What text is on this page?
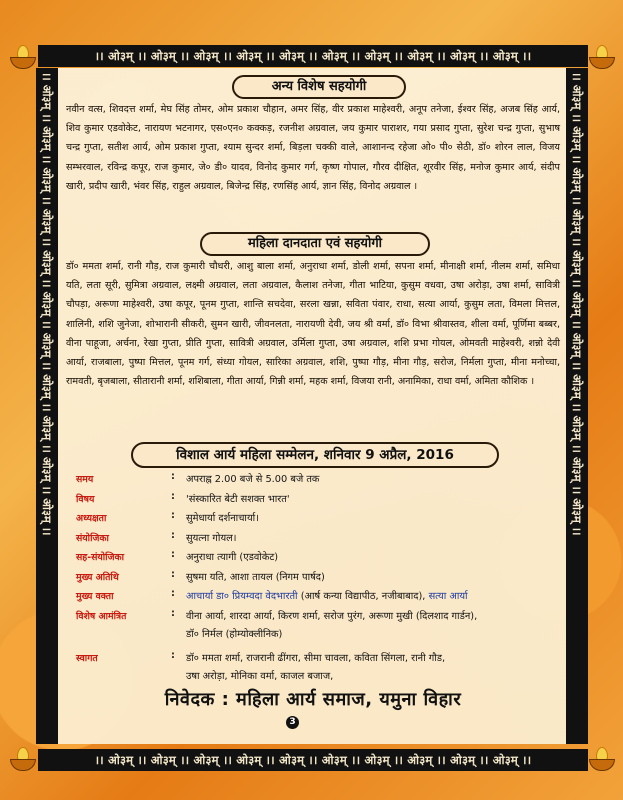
।। ओ३म् ।। ओ३म् ।। ओ३म् ।। ओ३म् ।। ओ३म् ।। ओ३म् ।। ओ३म् ।। ओ३म् ।। ओ३म् ।। ओ३म् ।।
।। ओ३म् ।। ओ३म् ।। ओ३म् ।। ओ३म् ।। ओ३म् ।। ओ३म् ।। ओ३म् ।। ओ३म् ।। ओ३म् ।। ओ३म् ।।
।। ओ३म् ।। ओ३म् ।। ओ३म् ।। ओ३म् ।। ओ३म् ।। ओ३म् ।। ओ३म् ।। ओ३म् ।। ओ३म् ।। ओ३म् ।। ओ३म् ।।	।। ओ३म् ।। ओ३म् ।। ओ३म् ।। ओ३म् ।। ओ३म् ।। ओ३म् ।। ओ३म् ।। ओ३म् ।। ओ३म् ।। ओ३म् ।। ओ३म् ।।
अन्य विशेष सहयोगी
नवीन वत्स, शिवदत्त शर्मा, मेघ सिंह तोमर, ओम प्रकाश चौहान, अमर सिंह, वीर प्रकाश माहेश्वरी, अनूप तनेजा, ईश्वर सिंह, अजब सिंह आर्य, शिव कुमार एडवोकेट, नारायण भटनागर, एस०एन० कक्कड़, रजनीश अग्रवाल, जय कुमार पाराशर, गया प्रसाद गुप्ता, सुरेश चन्द्र गुप्ता, सुभाष चन्द्र गुप्ता, सतीश आर्य, ओम प्रकाश गुप्ता, श्याम सुन्दर शर्मा, बिड़ला चक्की वाले, आशानन्द रहेजा ओ० पी० सेठी, डॉ० शोरन लाल, विजय सम्भरवाल, रविन्द्र कपूर, राज कुमार, जे० डी० यादव, विनोद कुमार गर्ग, कृष्ण गोपाल, गौरव दीक्षित, शूरवीर सिंह, मनोज कुमार आर्य, संदीप खारी, प्रदीप खारी, भंवर सिंह, राहुल अग्रवाल, बिजेन्द्र सिंह, रणसिंह आर्य, ज्ञान सिंह, विनोद अग्रवाल ।
महिला दानदाता एवं सहयोगी
डॉ० ममता शर्मा, रानी गौड़, राज कुमारी चौधरी, आशु बाला शर्मा, अनुराधा शर्मा, डोली शर्मा, सपना शर्मा, मीनाक्षी शर्मा, नीलम शर्मा, समिधा यति, लता सूरी, सुमित्रा अग्रवाल, लक्ष्मी अग्रवाल, लता अग्रवाल, कैलाश तनेजा, गीता भाटिया, कुसुम वधवा, उषा अरोड़ा, उषा शर्मा, सावित्री चौपड़ा, अरूणा माहेश्वरी, उषा कपूर, पूनम गुप्ता, शान्ति सचदेवा, सरला खन्ना, सविता पंवार, राधा, सत्या आर्या, कुसुम लता, विमला मित्तल, शालिनी, शशि जुनेजा, शोभारानी सीकरी, सुमन खारी, जीवनलता, नारायणी देवी, जय श्री वर्मा, डॉ० विभा श्रीवास्तव, शीला वर्मा, पूर्णिमा बब्बर, वीना पाहूजा, अर्चना, रेखा गुप्ता, प्रीति गुप्ता, सावित्री अग्रवाल, उर्मिला गुप्ता, उषा अग्रवाल, शशि प्रभा गोयल, ओमवती माहेश्वरी, शन्नो देवी आर्या, राजबाला, पुष्पा मित्तल, पूनम गर्ग, संध्या गोयल, सारिका अग्रवाल, शशि, पुष्पा गौड़, मीना गौड़, सरोज, निर्मला गुप्ता, मीना मनोच्चा, रामवती, बृजबाला, सीतारानी शर्मा, शशिबाला, गीता आर्या, गिन्नी शर्मा, महक शर्मा, विजया रानी, अनामिका, राधा वर्मा, अमिता कौशिक ।
विशाल आर्य महिला सम्मेलन, शनिवार 9 अप्रैल, 2016
समय	: अपराह्न 2.00 बजे से 5.00 बजे तक
विषय	: 'संस्कारित बेटी सशक्त भारत'
अध्यक्षता	: सुमेधार्या दर्शनाचार्या।
संयोजिका	: सुयत्ना गोयल।
सह-संयोजिका	: अनुराधा त्यागी (एडवोकेट)
मुख्य अतिथि	: सुषमा यति, आशा तायल (निगम पार्षद)
मुख्य वक्ता	: आचार्या डा० प्रियम्वदा वेदभारती (आर्ष कन्या विद्यापीठ, नजीबाबाद), सत्या आर्या
विशेष आमंत्रित	: वीना आर्या, शारदा आर्या, किरण शर्मा, सरोज पुरंग, अरूणा मुखी (दिलशाद गार्डन),
डॉ० निर्मल (होम्योक्लीनिक)
स्वागत	: डॉ० ममता शर्मा, राजरानी ढींगरा, सीमा चावला, कविता सिंगला, रानी गौड,
उषा अरोड़ा, मोनिका वर्मा, काजल बजाज,
निवेदक : महिला आर्य समाज, यमुना विहार
3
